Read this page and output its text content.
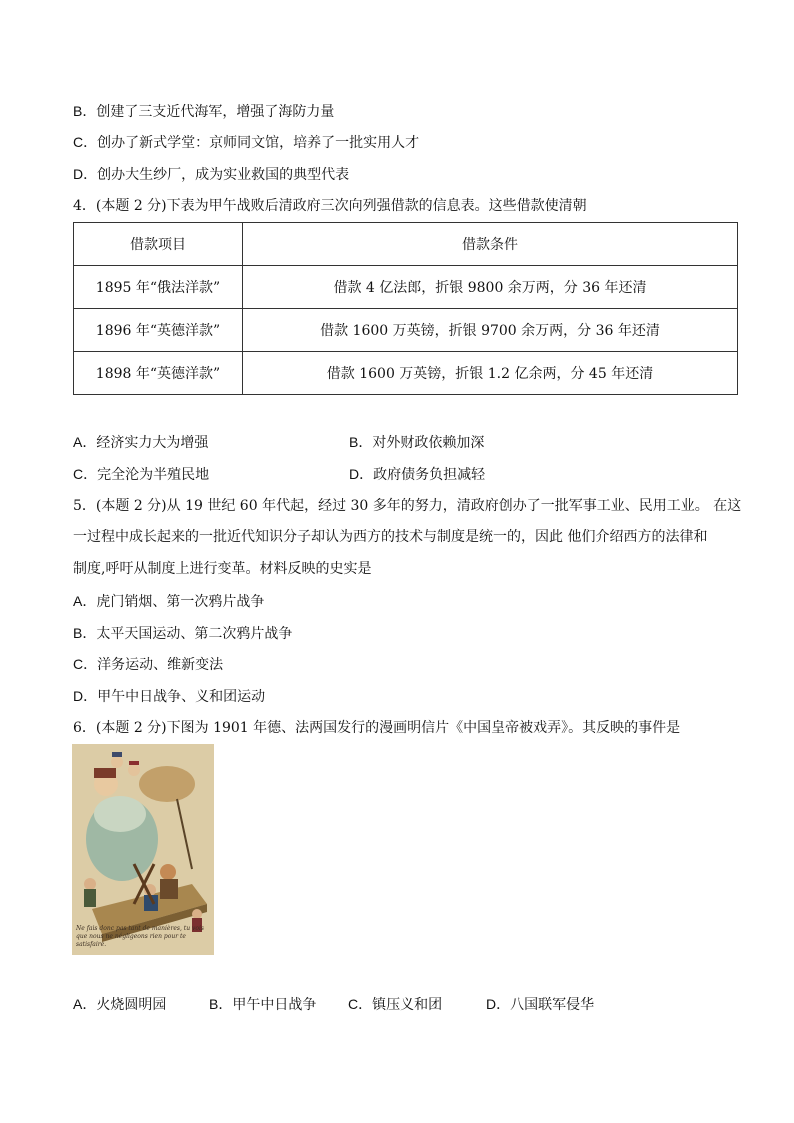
B．创建了三支近代海军，增强了海防力量
C．创办了新式学堂：京师同文馆，培养了一批实用人才
D．创办大生纱厂，成为实业救国的典型代表
4．(本题 2 分)下表为甲午战败后清政府三次向列强借款的信息表。这些借款使清朝
借款项目	借款条件
1895 年“俄法洋款”	借款 4 亿法郎，折银 9800 余万两，分 36 年还清
1896 年“英德洋款”	借款 1600 万英镑，折银 9700 余万两，分 36 年还清
1898 年“英德洋款”	借款 1600 万英镑，折银 1.2 亿余两，分 45 年还清
A．经济实力大为增强	B．对外财政依赖加深
C．完全沦为半殖民地	D．政府债务负担减轻
5．(本题 2 分)从 19 世纪 60 年代起，经过 30 多年的努力，清政府创办了一批军事工业、民用工业。 在这
一过程中成长起来的一批近代知识分子却认为西方的技术与制度是统一的，因此 他们介绍西方的法律和
制度,呼吁从制度上进行变革。材料反映的史实是
A．虎门销烟、第一次鸦片战争
B．太平天国运动、第二次鸦片战争
C．洋务运动、维新变法
D．甲午中日战争、义和团运动
6．(本题 2 分)下图为 1901 年德、法两国发行的漫画明信片《中国皇帝被戏弄》。其反映的事件是
Ne fais donc pas tant de manières, tu vois que nous ne négligeons rien pour te satisfaire.
A．火烧圆明园	B．甲午中日战争 C．镇压义和团	D．八国联军侵华
